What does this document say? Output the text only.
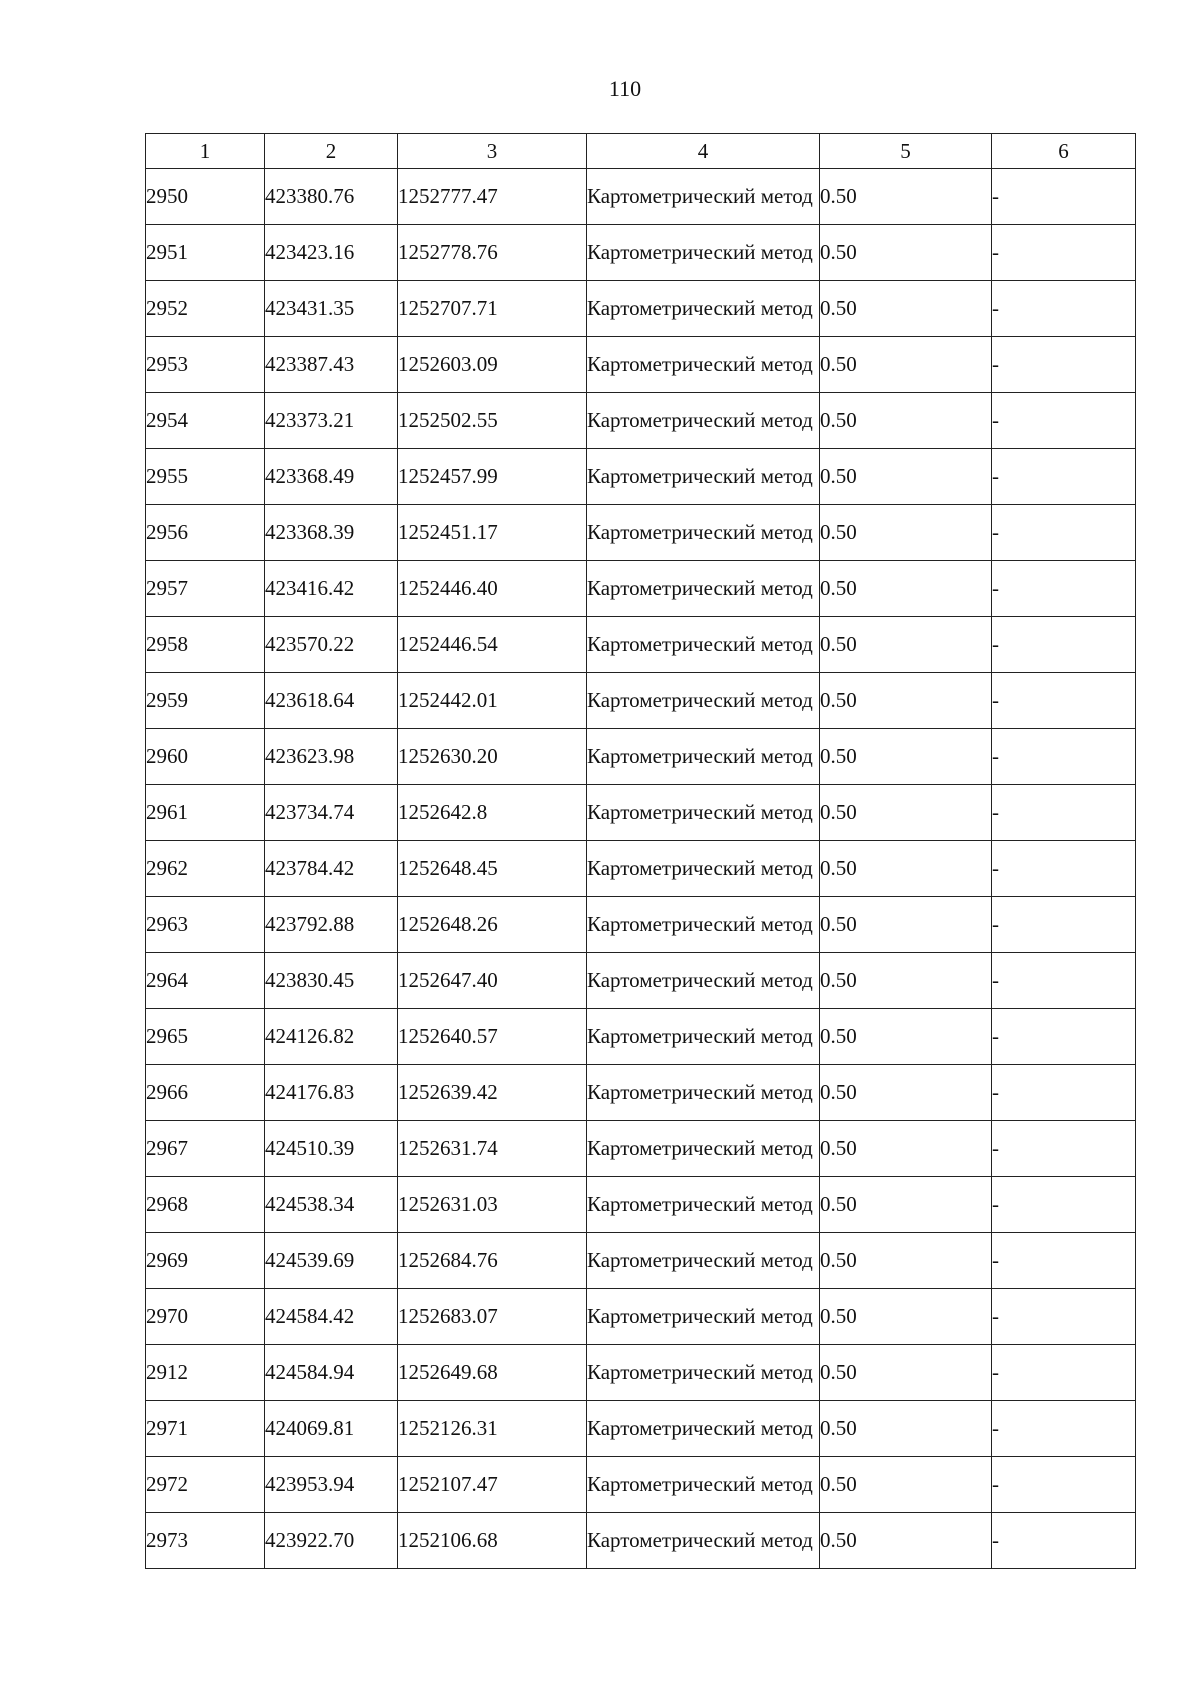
110
1	2	3	4	5	6
2950	423380.76	1252777.47	Картометрический метод	0.50	-
2951	423423.16	1252778.76	Картометрический метод	0.50	-
2952	423431.35	1252707.71	Картометрический метод	0.50	-
2953	423387.43	1252603.09	Картометрический метод	0.50	-
2954	423373.21	1252502.55	Картометрический метод	0.50	-
2955	423368.49	1252457.99	Картометрический метод	0.50	-
2956	423368.39	1252451.17	Картометрический метод	0.50	-
2957	423416.42	1252446.40	Картометрический метод	0.50	-
2958	423570.22	1252446.54	Картометрический метод	0.50	-
2959	423618.64	1252442.01	Картометрический метод	0.50	-
2960	423623.98	1252630.20	Картометрический метод	0.50	-
2961	423734.74	1252642.8	Картометрический метод	0.50	-
2962	423784.42	1252648.45	Картометрический метод	0.50	-
2963	423792.88	1252648.26	Картометрический метод	0.50	-
2964	423830.45	1252647.40	Картометрический метод	0.50	-
2965	424126.82	1252640.57	Картометрический метод	0.50	-
2966	424176.83	1252639.42	Картометрический метод	0.50	-
2967	424510.39	1252631.74	Картометрический метод	0.50	-
2968	424538.34	1252631.03	Картометрический метод	0.50	-
2969	424539.69	1252684.76	Картометрический метод	0.50	-
2970	424584.42	1252683.07	Картометрический метод	0.50	-
2912	424584.94	1252649.68	Картометрический метод	0.50	-
2971	424069.81	1252126.31	Картометрический метод	0.50	-
2972	423953.94	1252107.47	Картометрический метод	0.50	-
2973	423922.70	1252106.68	Картометрический метод	0.50	-
